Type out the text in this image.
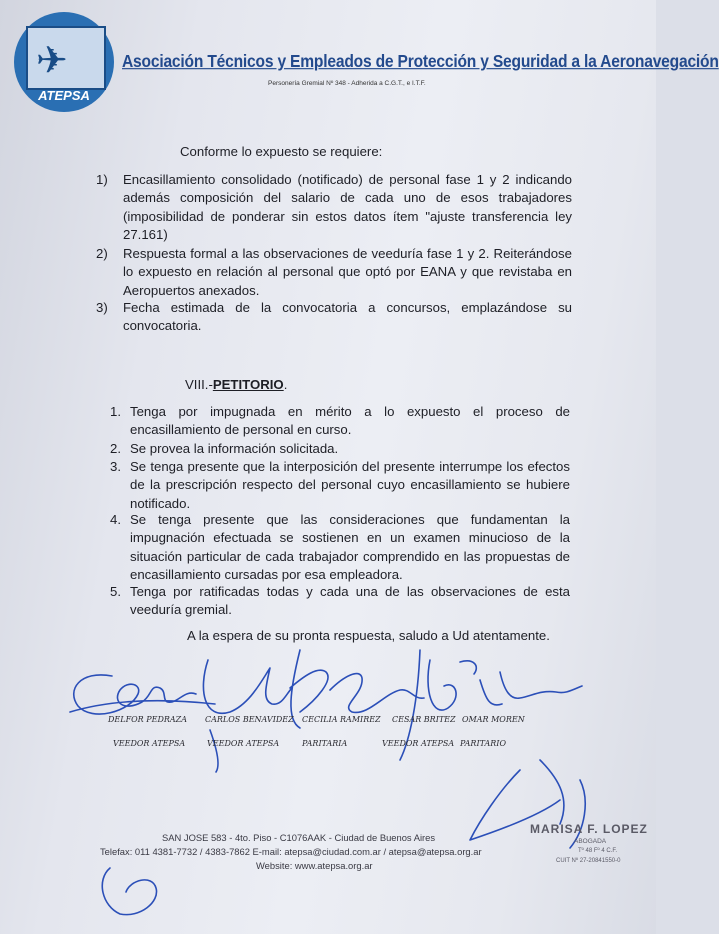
✈
ATEPSA
Asociación Técnicos y Empleados de Protección y Seguridad a la Aeronavegación
Personería Gremial Nº 348 - Adherida a C.G.T., e I.T.F.
Conforme lo expuesto se requiere:
1) Encasillamiento consolidado (notificado) de personal fase 1 y 2 indicando además composición del salario de cada uno de esos trabajadores (imposibilidad de ponderar sin estos datos ítem "ajuste transferencia ley 27.161)
2) Respuesta formal a las observaciones de veeduría fase 1 y 2. Reiterándose lo expuesto en relación al personal que optó por EANA y que revistaba en Aeropuertos anexados.
3) Fecha estimada de la convocatoria a concursos, emplazándose su convocatoria.
VIII.-PETITORIO.
1. Tenga por impugnada en mérito a lo expuesto el proceso de encasillamiento de personal en curso.
2. Se provea la información solicitada.
3. Se tenga presente que la interposición del presente interrumpe los efectos de la prescripción respecto del personal cuyo encasillamiento se hubiere notificado.
4. Se tenga presente que las consideraciones que fundamentan la impugnación efectuada se sostienen en un examen minucioso de la situación particular de cada trabajador comprendido en las propuestas de encasillamiento cursadas por esa empleadora.
5. Tenga por ratificadas todas y cada una de las observaciones de esta veeduría gremial.
A la espera de su pronta respuesta, saludo a Ud atentamente.
DELFOR PEDRAZA CARLOS BENAVIDEZ CECILIA RAMIREZ CESAR BRITEZ OMAR MOREN
VEEDOR ATEPSA	VEEDOR ATEPSA	PARITARIA	VEEDOR ATEPSA PARITARIO
MARISA F. LOPEZ
ABOGADA
Tº 48 Fº 4 C.F.
CUIT Nº 27-20841550-0
SAN JOSE 583 - 4to. Piso - C1076AAK - Ciudad de Buenos Aires
Telefax: 011 4381-7732 / 4383-7862 E-mail: atepsa@ciudad.com.ar / atepsa@atepsa.org.ar
Website: www.atepsa.org.ar
